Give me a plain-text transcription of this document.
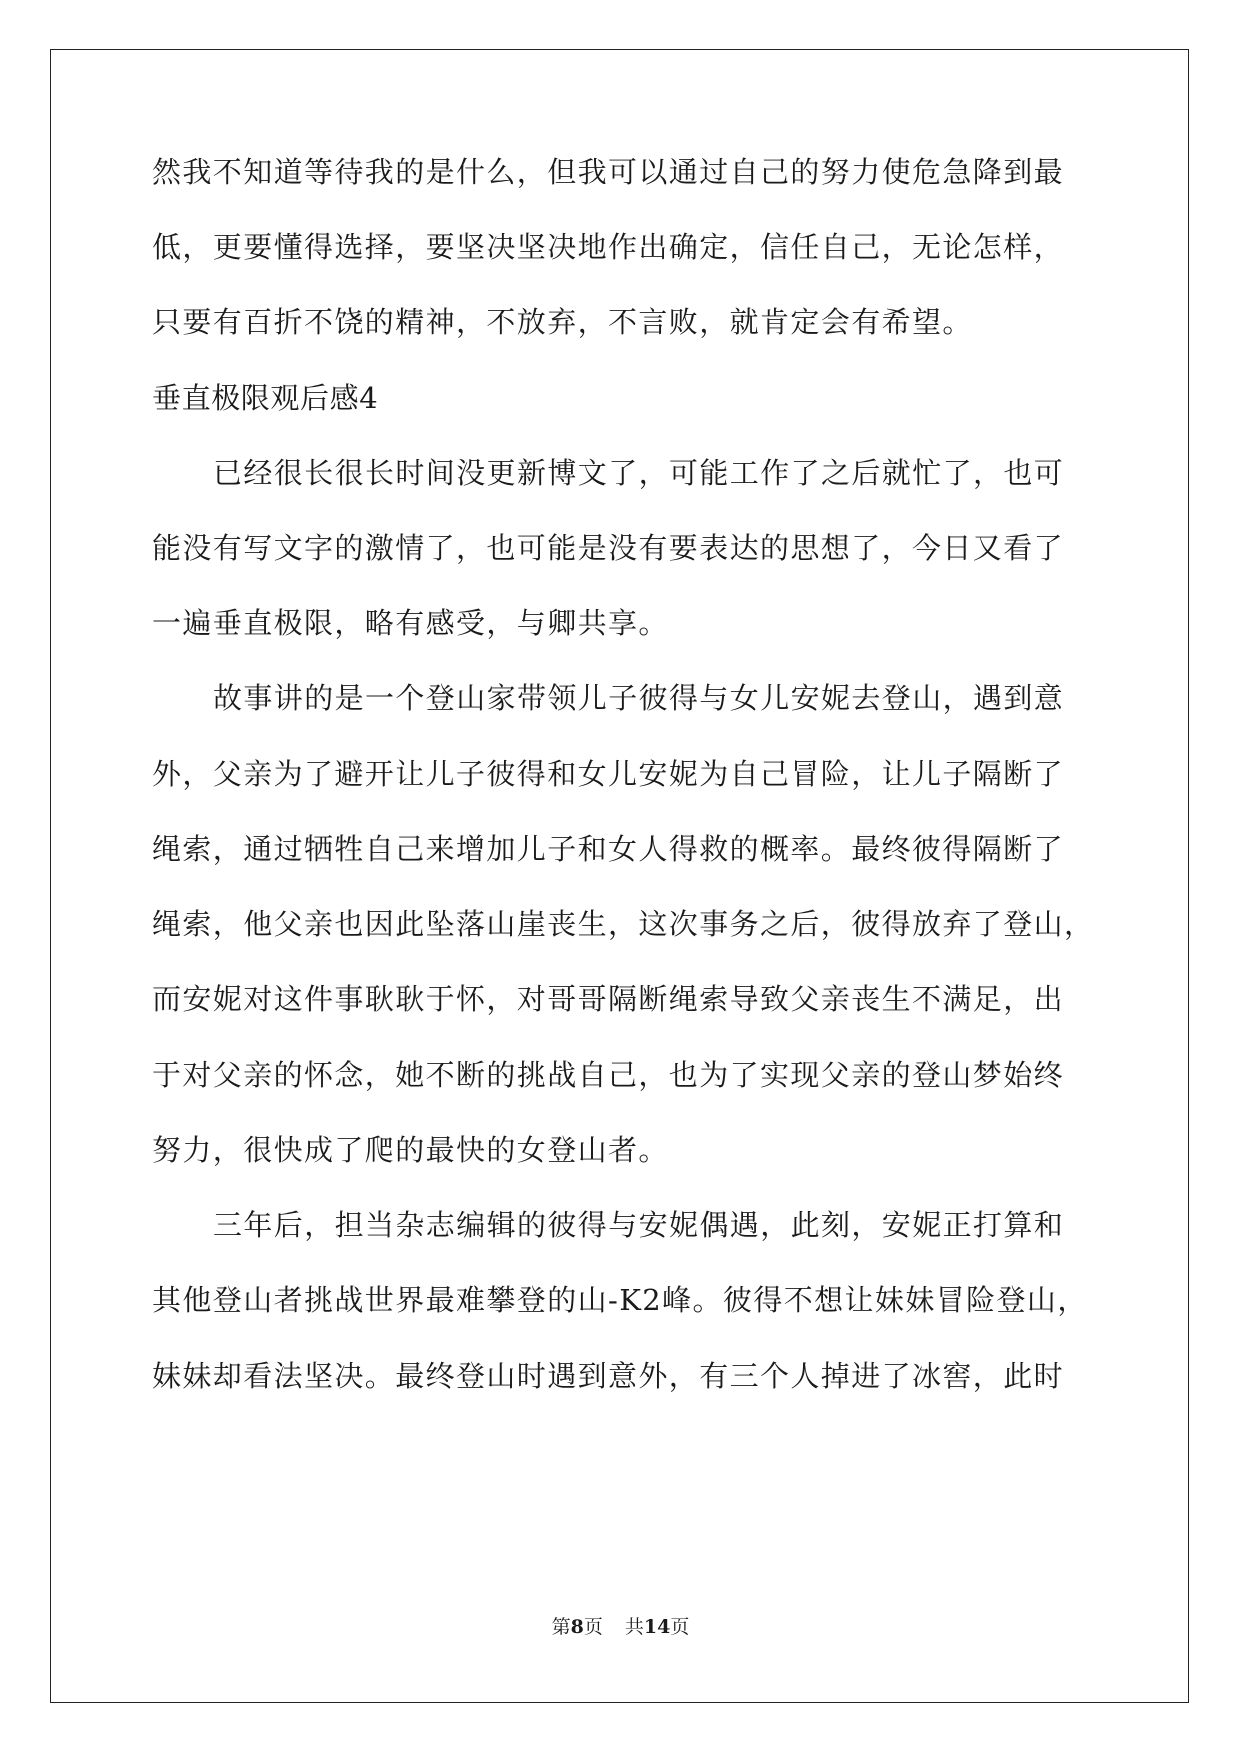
然我不知道等待我的是什么，但我可以通过自己的努力使危急降到最
低，更要懂得选择，要坚决坚决地作出确定，信任自己，无论怎样，
只要有百折不饶的精神，不放弃，不言败，就肯定会有希望。
垂直极限观后感4
已经很长很长时间没更新博文了，可能工作了之后就忙了，也可
能没有写文字的激情了，也可能是没有要表达的思想了，今日又看了
一遍垂直极限，略有感受，与卿共享。
故事讲的是一个登山家带领儿子彼得与女儿安妮去登山，遇到意
外，父亲为了避开让儿子彼得和女儿安妮为自己冒险，让儿子隔断了
绳索，通过牺牲自己来增加儿子和女人得救的概率。最终彼得隔断了
绳索，他父亲也因此坠落山崖丧生，这次事务之后，彼得放弃了登山，
而安妮对这件事耿耿于怀，对哥哥隔断绳索导致父亲丧生不满足，出
于对父亲的怀念，她不断的挑战自己，也为了实现父亲的登山梦始终
努力，很快成了爬的最快的女登山者。
三年后，担当杂志编辑的彼得与安妮偶遇，此刻，安妮正打算和
其他登山者挑战世界最难攀登的山-K2峰。彼得不想让妹妹冒险登山，
妹妹却看法坚决。最终登山时遇到意外，有三个人掉进了冰窖，此时
第8页 共14页
